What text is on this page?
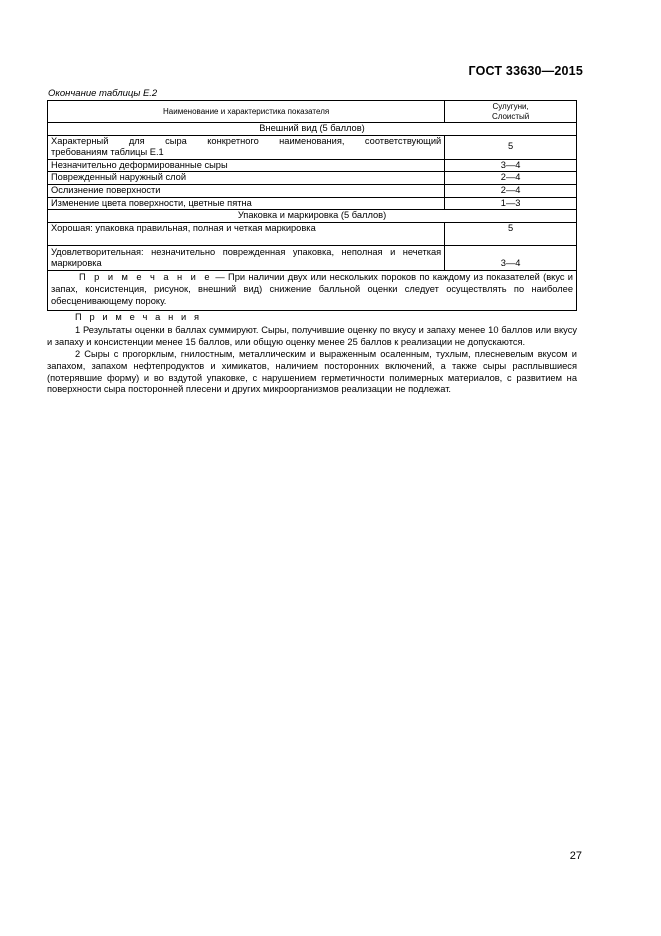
ГОСТ 33630—2015
Окончание таблицы Е.2
Наименование и характеристика показателя	Сулугуни,
Слоистый
Внешний вид (5 баллов)	

Характерный для сыра конкретного наименования, соответствующий
требованиям таблицы Е.1	5
Незначительно деформированные сыры	3—4
Поврежденный наружный слой	2—4
Ослизнение поверхности	2—4
Изменение цвета поверхности, цветные пятна	1—3
Упаковка и маркировка (5 баллов)	
Хорошая: упаковка правильная, полная и четкая маркировка	5

Удовлетворительная: незначительно поврежденная упаковка, неполная и нечеткая
маркировка	3—4
П р и м е ч а н и е — При наличии двух или нескольких пороков по каждому из показателей (вкус и запах, консистенция, рисунок, внешний вид) снижение балльной оценки следует осуществлять по наиболее обесценивающему пороку.	

П р и м е ч а н и я

1 Результаты оценки в баллах суммируют. Сыры, получившие оценку по вкусу и запаху менее 10 баллов или вкусу и запаху и консистенции менее 15 баллов, или общую оценку менее 25 баллов к реализации не допускаются.

2 Сыры с прогорклым, гнилостным, металлическим и выраженным осаленным, тухлым, плесневелым вкусом и запахом, запахом нефтепродуктов и химикатов, наличием посторонних включений, а также сыры расплывшиеся (потерявшие форму) и во вздутой упаковке, с нарушением герметичности полимерных материалов, с развитием на поверхности сыра посторонней плесени и других микроорганизмов реализации не подлежат.

27
